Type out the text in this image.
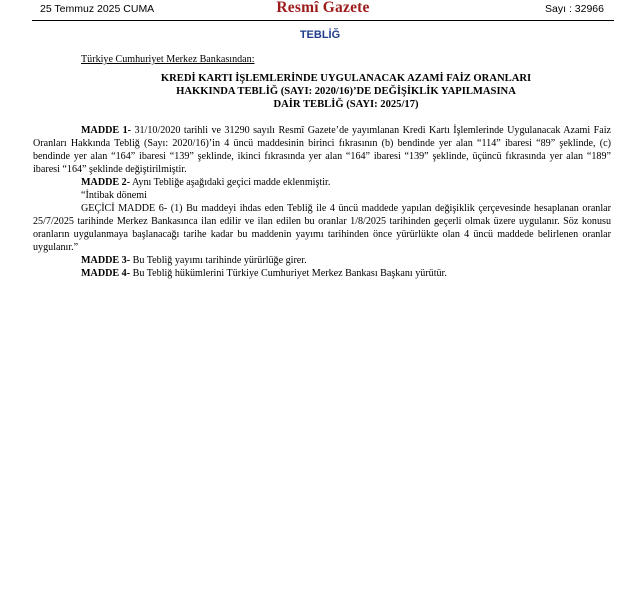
25 Temmuz 2025 CUMA	Resmî Gazete	Sayı : 32966
TEBLİĞ
Türkiye Cumhuriyet Merkez Bankasından:
KREDİ KARTI İŞLEMLERİNDE UYGULANACAK AZAMİ FAİZ ORANLARI
HAKKINDA TEBLİĞ (SAYI: 2020/16)’DE DEĞİŞİKLİK YAPILMASINA
DAİR TEBLİĞ (SAYI: 2025/17)

MADDE 1- 31/10/2020 tarihli ve 31290 sayılı Resmî Gazete’de yayımlanan Kredi Kartı İşlemlerinde Uygulanacak Azami Faiz Oranları Hakkında Tebliğ (Sayı: 2020/16)’in 4 üncü maddesinin birinci fıkrasının (b) bendinde yer alan “114” ibaresi “89” şeklinde, (c) bendinde yer alan “164” ibaresi “139” şeklinde, ikinci fıkrasında yer alan “164” ibaresi “139” şeklinde, üçüncü fıkrasında yer alan “189” ibaresi “164” şeklinde değiştirilmiştir.

MADDE 2- Aynı Tebliğe aşağıdaki geçici madde eklenmiştir.

“İntibak dönemi

GEÇİCİ MADDE 6- (1) Bu maddeyi ihdas eden Tebliğ ile 4 üncü maddede yapılan değişiklik çerçevesinde hesaplanan oranlar 25/7/2025 tarihinde Merkez Bankasınca ilan edilir ve ilan edilen bu oranlar 1/8/2025 tarihinden geçerli olmak üzere uygulanır. Söz konusu oranların uygulanmaya başlanacağı tarihe kadar bu maddenin yayımı tarihinden önce yürürlükte olan 4 üncü maddede belirlenen oranlar uygulanır.”

MADDE 3- Bu Tebliğ yayımı tarihinde yürürlüğe girer.

MADDE 4- Bu Tebliğ hükümlerini Türkiye Cumhuriyet Merkez Bankası Başkanı yürütür.
